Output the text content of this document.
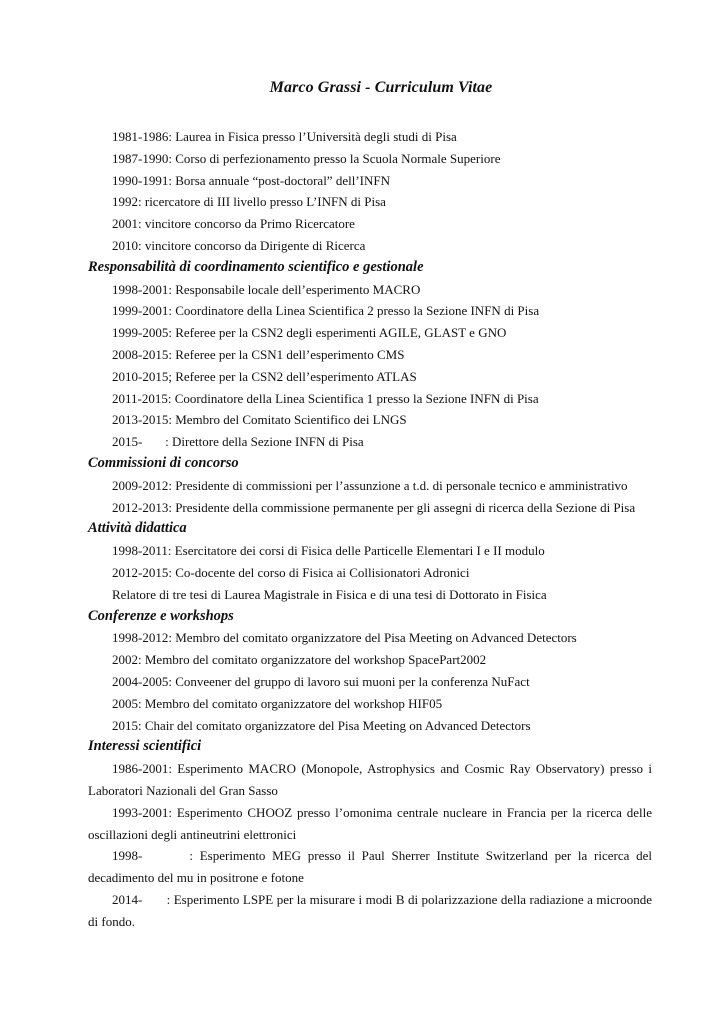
Marco Grassi - Curriculum Vitae
1981-1986: Laurea in Fisica presso l’Università degli studi di Pisa
1987-1990: Corso di perfezionamento presso la Scuola Normale Superiore
1990-1991: Borsa annuale “post-doctoral” dell’INFN
1992: ricercatore di III livello presso L’INFN di Pisa
2001: vincitore concorso da Primo Ricercatore
2010: vincitore concorso da Dirigente di Ricerca
Responsabilità di coordinamento scientifico e gestionale
1998-2001: Responsabile locale dell’esperimento MACRO
1999-2001: Coordinatore della Linea Scientifica 2 presso la Sezione INFN di Pisa
1999-2005: Referee per la CSN2 degli esperimenti AGILE, GLAST e GNO
2008-2015: Referee per la CSN1 dell’esperimento CMS
2010-2015; Referee per la CSN2 dell’esperimento ATLAS
2011-2015: Coordinatore della Linea Scientifica 1 presso la Sezione INFN di Pisa
2013-2015: Membro del Comitato Scientifico dei LNGS
2015-       : Direttore della Sezione INFN di Pisa
Commissioni di concorso
2009-2012: Presidente di commissioni per l’assunzione a t.d. di personale tecnico e amministrativo
2012-2013: Presidente della commissione permanente per gli assegni di ricerca della Sezione di Pisa
Attività didattica
1998-2011: Esercitatore dei corsi di Fisica delle Particelle Elementari I e II modulo
2012-2015: Co-docente del corso di Fisica ai Collisionatori Adronici
Relatore di tre tesi di Laurea Magistrale in Fisica e di una tesi di Dottorato in Fisica
Conferenze e workshops
1998-2012: Membro del comitato organizzatore del Pisa Meeting on Advanced Detectors
2002: Membro del comitato organizzatore del workshop SpacePart2002
2004-2005: Conveener del gruppo di lavoro sui muoni per la conferenza NuFact
2005: Membro del comitato organizzatore del workshop HIF05
2015: Chair del comitato organizzatore del Pisa Meeting on Advanced Detectors
Interessi scientifici
1986-2001: Esperimento MACRO (Monopole, Astrophysics and Cosmic Ray Observatory) presso i Laboratori Nazionali del Gran Sasso
1993-2001: Esperimento CHOOZ presso l’omonima centrale nucleare in Francia per la ricerca delle oscillazioni degli antineutrini elettronici
1998-       : Esperimento MEG presso il Paul Sherrer Institute Switzerland per la ricerca del decadimento del mu in positrone e fotone
2014-       : Esperimento LSPE per la misurare i modi B di polarizzazione della radiazione a microonde di fondo.
